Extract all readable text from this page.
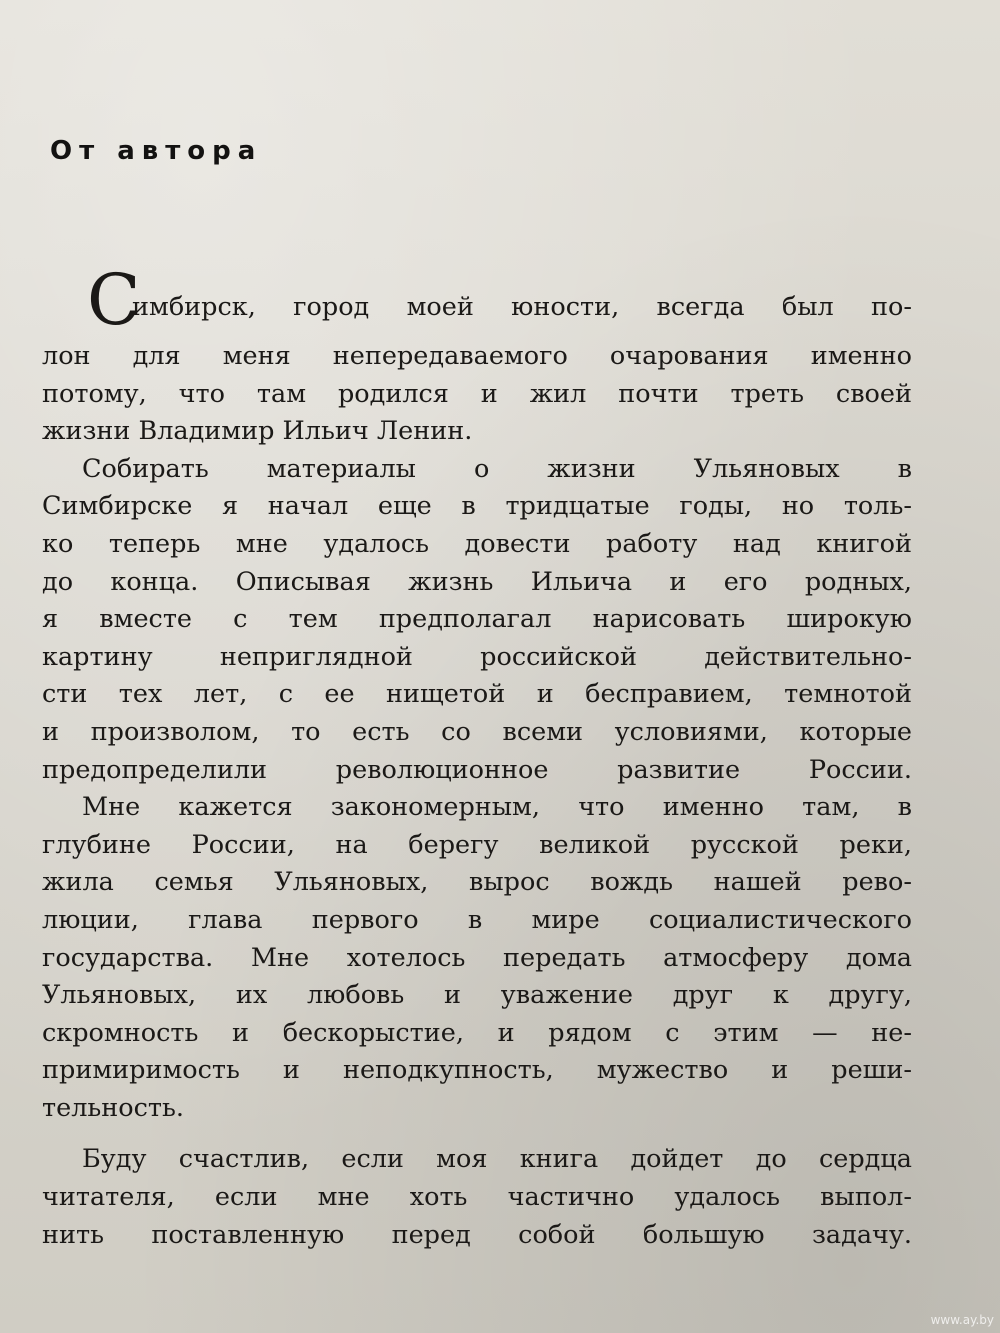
От автора
С
имбирск, город моей юности, всегда был по-
лон для меня непередаваемого очарования именно
потому, что там родился и жил почти треть своей
жизни Владимир Ильич Ленин.
Собирать материалы о жизни Ульяновых в
Симбирске я начал еще в тридцатые годы, но толь-
ко теперь мне удалось довести работу над книгой
до конца. Описывая жизнь Ильича и его родных,
я вместе с тем предполагал нарисовать широкую
картину неприглядной российской действительно-
сти тех лет, с ее нищетой и бесправием, темнотой
и произволом, то есть со всеми условиями, которые
предопределили революционное развитие России.
Мне кажется закономерным, что именно там, в
глубине России, на берегу великой русской реки,
жила семья Ульяновых, вырос вождь нашей рево-
люции, глава первого в мире социалистического
государства. Мне хотелось передать атмосферу дома
Ульяновых, их любовь и уважение друг к другу,
скромность и бескорыстие, и рядом с этим — не-
примиримость и неподкупность, мужество и реши-
тельность.
Буду счастлив, если моя книга дойдет до сердца
читателя, если мне хоть частично удалось выпол-
нить поставленную перед собой большую задачу.
www.ay.by
